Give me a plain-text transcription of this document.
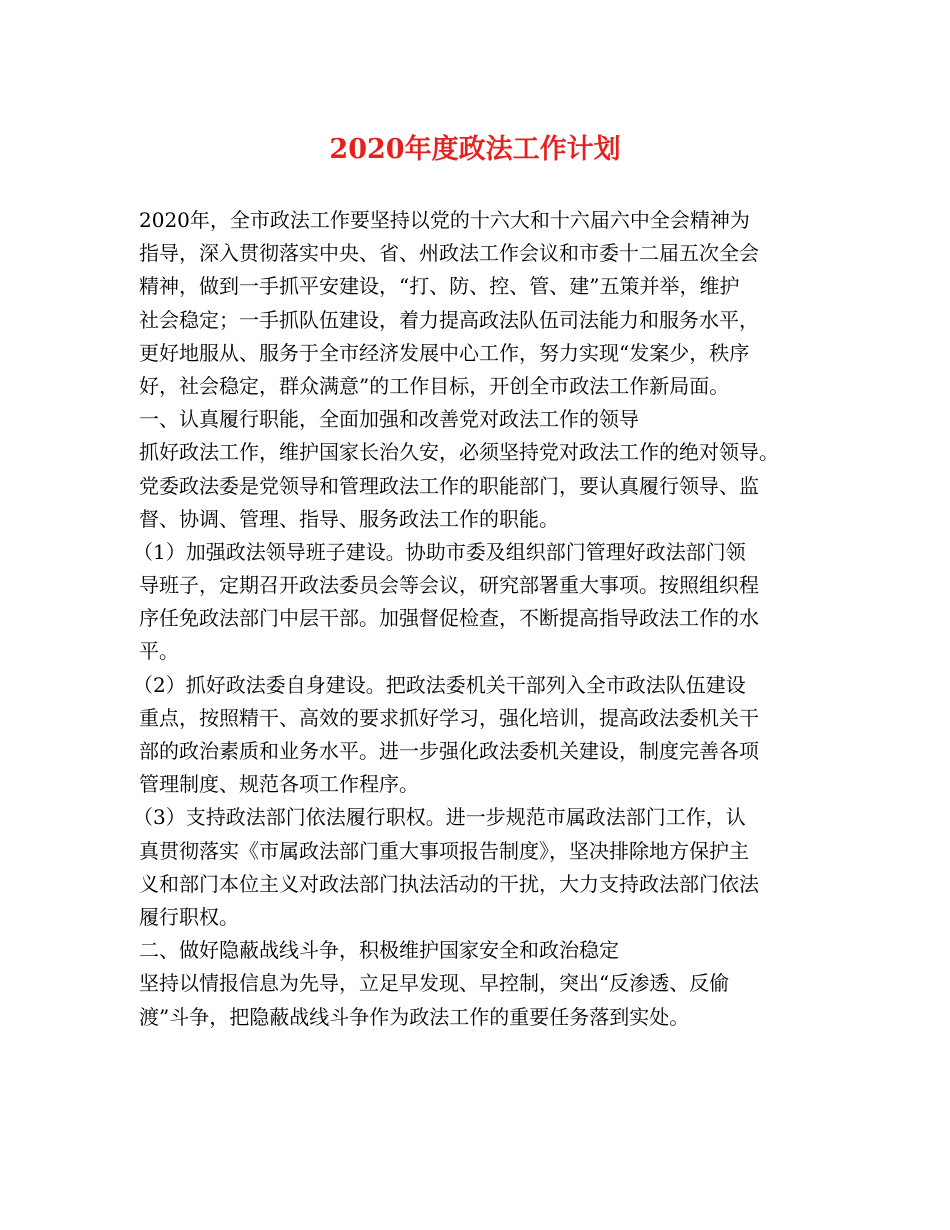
2020年度政法工作计划
2020年，全市政法工作要坚持以党的十六大和十六届六中全会精神为
指导，深入贯彻落实中央、省、州政法工作会议和市委十二届五次全会
精神，做到一手抓平安建设，“打、防、控、管、建”五策并举，维护
社会稳定；一手抓队伍建设，着力提高政法队伍司法能力和服务水平，
更好地服从、服务于全市经济发展中心工作，努力实现“发案少，秩序
好，社会稳定，群众满意”的工作目标，开创全市政法工作新局面。
一、认真履行职能，全面加强和改善党对政法工作的领导
抓好政法工作，维护国家长治久安，必须坚持党对政法工作的绝对领导。
党委政法委是党领导和管理政法工作的职能部门，要认真履行领导、监
督、协调、管理、指导、服务政法工作的职能。
（1）加强政法领导班子建设。协助市委及组织部门管理好政法部门领
导班子，定期召开政法委员会等会议，研究部署重大事项。按照组织程
序任免政法部门中层干部。加强督促检查，不断提高指导政法工作的水
平。
（2）抓好政法委自身建设。把政法委机关干部列入全市政法队伍建设
重点，按照精干、高效的要求抓好学习，强化培训，提高政法委机关干
部的政治素质和业务水平。进一步强化政法委机关建设，制度完善各项
管理制度、规范各项工作程序。
（3）支持政法部门依法履行职权。进一步规范市属政法部门工作，认
真贯彻落实《市属政法部门重大事项报告制度》，坚决排除地方保护主
义和部门本位主义对政法部门执法活动的干扰，大力支持政法部门依法
履行职权。
二、做好隐蔽战线斗争，积极维护国家安全和政治稳定
坚持以情报信息为先导，立足早发现、早控制，突出“反渗透、反偷
渡”斗争，把隐蔽战线斗争作为政法工作的重要任务落到实处。
